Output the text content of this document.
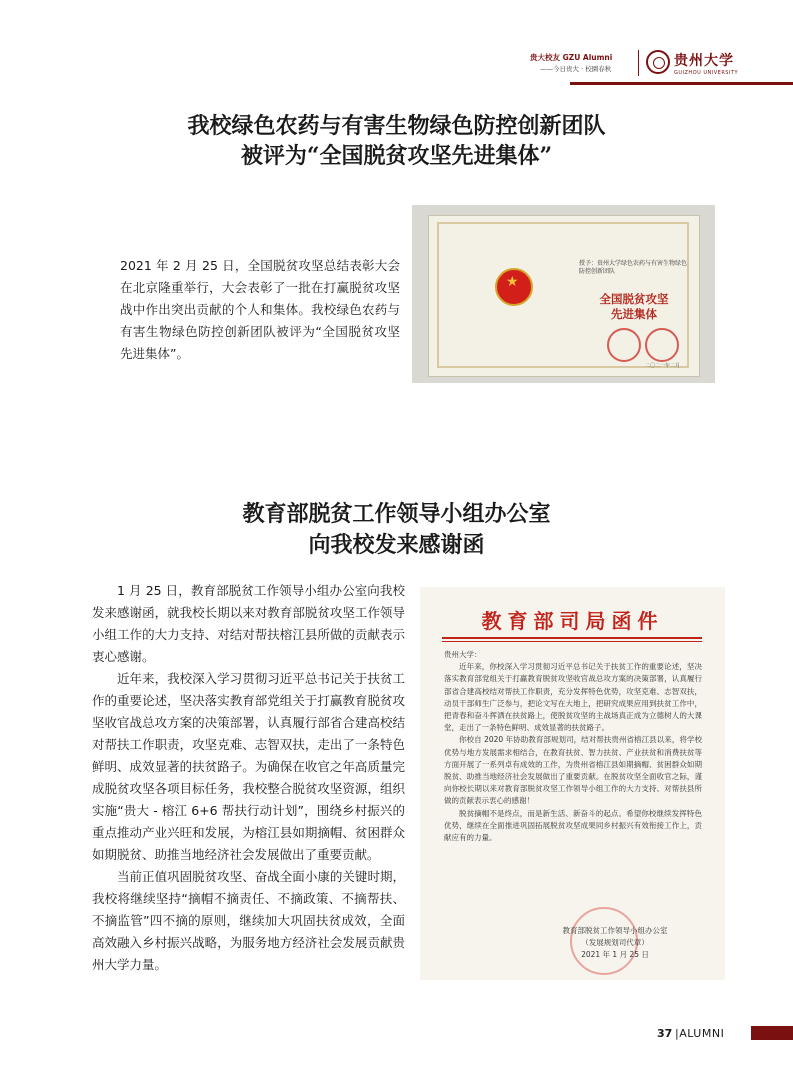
贵大校友 GZU Alumni
——今日贵大 · 校園春秋	贵州大学
GUIZHOU UNIVERSITY
我校绿色农药与有害生物绿色防控创新团队
被评为“全国脱贫攻坚先进集体”
2021 年 2 月 25 日，全国脱贫攻坚总结表彰大会在北京隆重举行，大会表彰了一批在打赢脱贫攻坚战中作出突出贡献的个人和集体。我校绿色农药与有害生物绿色防控创新团队被评为“全国脱贫攻坚先进集体”。
★
授予：贵州大学绿色农药与有害生物绿色防控创新团队
全国脱贫攻坚
先进集体
二〇二一年二月
教育部脱贫工作领导小组办公室
向我校发来感谢函
1 月 25 日，教育部脱贫工作领导小组办公室向我校发来感谢函，就我校长期以来对教育部脱贫攻坚工作领导小组工作的大力支持、对结对帮扶榕江县所做的贡献表示衷心感谢。
近年来，我校深入学习贯彻习近平总书记关于扶贫工作的重要论述，坚决落实教育部党组关于打赢教育脱贫攻坚收官战总攻方案的决策部署，认真履行部省合建高校结对帮扶工作职责，攻坚克难、志智双扶，走出了一条特色鲜明、成效显著的扶贫路子。为确保在收官之年高质量完成脱贫攻坚各项目标任务，我校整合脱贫攻坚资源，组织实施“贵大 - 榕江 6+6 帮扶行动计划”，围绕乡村振兴的重点推动产业兴旺和发展，为榕江县如期摘帽、贫困群众如期脱贫、助推当地经济社会发展做出了重要贡献。
当前正值巩固脱贫攻坚、奋战全面小康的关键时期，我校将继续坚持“摘帽不摘责任、不摘政策、不摘帮扶、不摘监管”四不摘的原则，继续加大巩固扶贫成效，全面高效融入乡村振兴战略，为服务地方经济社会发展贡献贵州大学力量。
教育部司局函件

贵州大学：

近年来，你校深入学习贯彻习近平总书记关于扶贫工作的重要论述，坚决落实教育部党组关于打赢教育脱贫攻坚收官战总攻方案的决策部署，认真履行部省合建高校结对帮扶工作职责，充分发挥特色优势，攻坚克难、志智双扶，动员干部师生广泛参与，把论文写在大地上，把研究成果应用到扶贫工作中，把青春和奋斗挥洒在扶贫路上，使脱贫攻坚的主战场真正成为立德树人的大课堂，走出了一条特色鲜明、成效显著的扶贫路子。

你校自 2020 年协助教育部规划司，结对帮扶贵州省榕江县以来，将学校优势与地方发展需求相结合，在教育扶贫、智力扶贫、产业扶贫和消费扶贫等方面开展了一系列卓有成效的工作，为贵州省榕江县如期摘帽、贫困群众如期脱贫、助推当地经济社会发展做出了重要贡献。在脱贫攻坚全面收官之际，谨向你校长期以来对教育部脱贫攻坚工作领导小组工作的大力支持、对帮扶县所做的贡献表示衷心的感谢！

脱贫摘帽不是终点，而是新生活、新奋斗的起点。希望你校继续发挥特色优势，继续在全面推进巩固拓展脱贫攻坚成果同乡村振兴有效衔接工作上，贡献应有的力量。

教育部脱贫工作领导小组办公室
（发展规划司代章）
2021 年 1 月 25 日
37 |ALUMNI
